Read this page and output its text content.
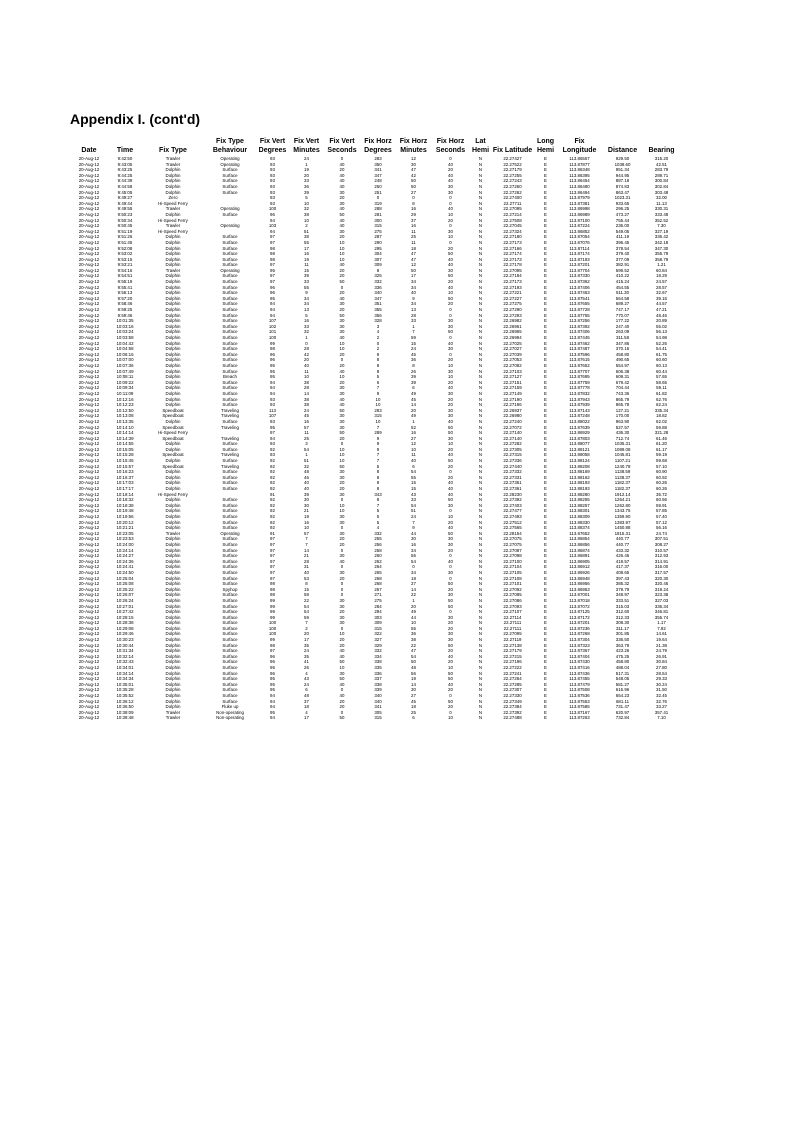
Appendix I. (cont'd)
Date	Time	Fix Type	Fix Type Behaviour	Fix Vert Degrees	Fix Vert Minutes	Fix Vert Seconds	Fix Horz Degrees	Fix Horz Minutes	Fix Horz Seconds	Lat Hemi	Fix Latitude	Long Hemi	Fix Longitude	Distance	Bearing
20-Aug-12	9:42:50	Trawler	Operating	93	24	0	283	12	0	N	22.27427	E	113.86557	929.50	315.20
20-Aug-12	9:43:05	Trawler	Operating	93	1	40	350	30	40	N	22.27522	E	113.87877	1038.60	42.51
20-Aug-12	9:43:25	Dolphin	Surface	93	19	20	341	47	20	N	22.27179	E	113.86348	951.34	283.79
20-Aug-12	9:44:25	Dolphin	Surface	93	20	40	347	42	40	N	22.27255	E	113.86395	944.95	289.71
20-Aug-12	9:44:39	Dolphin	Surface	93	33	40	248	50	40	N	22.27243	E	113.86454	887.18	300.84
20-Aug-12	9:44:58	Dolphin	Surface	93	36	40	250	50	30	N	22.27260	E	113.86480	874.83	302.84
20-Aug-12	9:45:05	Dolphin	Surface	93	39	30	251	27	30	N	22.27262	E	113.86494	863.47	303.48
20-Aug-12	9:49:27	Zero		93	5	20	0	0	0	N	22.27400	E	113.87979	1023.31	32.00
20-Aug-12	9:49:44	Hi-Speed Ferry		93	10	30	319	8	0	N	22.27711	E	113.87381	933.65	11.13
20-Aug-12	9:49:55	Trawler	Operating	100	32	40	288	16	40	N	22.27095	E	113.86998	296.25	330.31
20-Aug-12	9:50:23	Dolphin	Surface	96	38	50	281	29	10	N	22.27214	E	113.86989	473.27	333.48
20-Aug-12	9:50:34	Hi-Speed Ferry		94	10	40	300	37	20	N	22.27508	E	113.87100	755.44	352.52
20-Aug-12	9:50:45	Trawler	Operating	103	2	40	315	16	0	N	22.27045	E	113.87224	236.00	7.30
20-Aug-12	9:51:19	Hi-Speed Ferry		94	51	30	275	11	30	N	22.27324	E	113.86852	549.05	327.19
20-Aug-12	9:51:26	Dolphin	Surface	97	38	20	287	25	10	N	22.27180	E	113.87054	411.19	336.42
20-Aug-12	9:51:45	Dolphin	Surface	97	55	10	290	11	0	N	22.27173	E	113.87076	396.45	342.18
20-Aug-12	9:52:08	Dolphin	Surface	98	17	10	295	18	20	N	22.27166	E	113.87114	378.54	347.30
20-Aug-12	9:53:02	Dolphin	Surface	98	16	10	304	47	50	N	22.27174	E	113.87174	379.40	355.79
20-Aug-12	9:53:15	Dolphin	Surface	98	19	10	307	47	40	N	22.27173	E	113.87193	377.09	358.79
20-Aug-12	9:53:21	Dolphin	Surface	97	11	40	309	12	40	N	22.27178	E	113.87201	382.91	1.21
20-Aug-12	9:54:16	Trawler	Operating	95	15	20	8	50	30	N	22.27095	E	113.87704	599.52	60.84
20-Aug-12	9:54:51	Dolphin	Surface	97	39	20	325	17	50	N	22.27184	E	113.87330	410.22	18.29
20-Aug-12	9:55:19	Dolphin	Surface	97	33	50	332	34	20	N	22.27173	E	113.87362	415.24	24.57
20-Aug-12	9:55:41	Dolphin	Surface	96	55	0	336	34	40	N	22.27193	E	113.87406	454.55	28.57
20-Aug-12	9:56:13	Dolphin	Surface	96	9	20	340	40	10	N	22.27221	E	113.87463	511.30	32.67
20-Aug-12	9:57:20	Dolphin	Surface	95	34	40	347	9	50	N	22.27227	E	113.87541	564.58	39.15
20-Aug-12	9:58:46	Dolphin	Surface	94	34	30	351	34	20	N	22.27275	E	113.87655	689.27	44.57
20-Aug-12	9:59:25	Dolphin	Surface	94	13	20	355	13	0	N	22.27290	E	113.87728	747.17	47.21
20-Aug-12	9:59:46	Dolphin	Surface	94	5	50	356	28	0	N	22.27293	E	113.87755	770.07	48.46
20-Aug-12	10:01:35	Dolphin	Surface	107	16	30	328	33	30	N	22.26982	E	113.87256	177.22	20.89
20-Aug-12	10:03:16	Dolphin	Surface	102	33	30	3	1	30	N	22.26961	E	113.87392	247.40	55.02
20-Aug-12	10:03:24	Dolphin	Surface	101	32	30	4	7	50	N	22.26965	E	113.87406	263.09	56.13
20-Aug-12	10:03:58	Dolphin	Surface	100	1	40	2	59	0	N	22.26994	E	113.87445	311.58	54.98
20-Aug-12	10:04:42	Dolphin	Surface	99	0	10	0	15	40	N	22.27025	E	113.87462	347.86	52.26
20-Aug-12	10:04:58	Dolphin	Surface	98	28	10	2	24	30	N	22.27027	E	113.87487	370.15	54.41
20-Aug-12	10:06:16	Dolphin	Surface	96	42	20	9	45	0	N	22.27039	E	113.87596	458.80	61.75
20-Aug-12	10:07:00	Dolphin	Surface	96	20	0	8	36	20	N	22.27053	E	113.87615	490.65	60.60
20-Aug-12	10:07:36	Dolphin	Surface	95	40	20	8	8	10	N	22.27082	E	113.87652	554.97	60.13
20-Aug-12	10:07:49	Dolphin	Surface	95	11	40	8	26	30	N	22.27103	E	113.87707	606.38	60.44
20-Aug-12	10:08:11	Dolphin	Breach	95	10	10	5	39	10	N	22.27127	E	113.87695	609.31	57.65
20-Aug-12	10:09:22	Dolphin	Surface	94	38	20	6	39	20	N	22.27151	E	113.87759	679.42	58.65
20-Aug-12	10:09:34	Dolphin	Surface	94	28	30	7	6	40	N	22.27159	E	113.87778	704.44	59.11
20-Aug-12	10:11:09	Dolphin	Surface	94	14	30	9	49	30	N	22.27149	E	113.87832	743.36	61.82
20-Aug-12	10:12:16	Dolphin	Surface	93	38	40	10	45	20	N	22.27190	E	113.87943	865.79	62.76
20-Aug-12	10:12:23	Dolphin	Surface	93	38	40	10	14	20	N	22.27196	E	113.87939	865.78	62.24
20-Aug-12	10:12:50	Speedboat	Traveling	113	24	50	283	20	30	N	22.26937	E	113.87143	127.21	335.34
20-Aug-12	10:13:08	Speedboat	Traveling	107	45	30	315	49	30	N	22.26980	E	113.87248	170.00	18.82
20-Aug-12	10:13:35	Dolphin	Surface	93	16	30	10	1	40	N	22.27240	E	113.88022	963.90	62.02
20-Aug-12	10:14:10	Speedboat	Traveling	95	57	30	7	52	50	N	22.27072	E	113.87639	527.57	59.88
20-Aug-12	10:14:14	Hi-Speed Ferry		97	11	50	289	16	50	N	22.27140	E	113.86929	436.30	321.28
20-Aug-12	10:14:39	Speedboat	Traveling	94	25	20	9	27	30	N	22.27140	E	113.87803	712.74	61.46
20-Aug-12	10:14:55	Dolphin	Surface	93	3	0	9	12	10	N	22.27282	E	113.88077	1035.31	61.20
20-Aug-12	10:15:05	Dolphin	Surface	92	54	10	9	10	20	N	22.27305	E	113.88121	1089.08	61.17
20-Aug-12	10:15:28	Speedboat	Traveling	93	1	10	7	11	40	N	22.27315	E	113.88058	1045.81	59.19
20-Aug-12	10:15:45	Dolphin	Surface	92	51	10	7	40	50	N	22.27336	E	113.88124	1107.21	59.68
20-Aug-12	10:15:57	Speedboat	Traveling	92	32	50	5	6	20	N	22.27440	E	113.88208	1240.78	57.10
20-Aug-12	10:16:23	Dolphin	Surface	92	48	30	8	54	0	N	22.27332	E	113.88169	1138.59	60.90
20-Aug-12	10:16:37	Dolphin	Surface	92	46	30	8	55	20	N	22.27331	E	113.88162	1138.37	60.92
20-Aug-12	10:17:03	Dolphin	Surface	92	40	20	8	15	40	N	22.27361	E	113.88193	1182.37	60.26
20-Aug-12	10:17:17	Dolphin	Surface	92	40	20	8	15	40	N	22.27361	E	113.88193	1182.37	60.26
20-Aug-12	10:18:14	Hi-Speed Ferry		91	39	30	343	43	40	N	22.28230	E	113.88280	1912.14	35.72
20-Aug-12	10:18:32	Dolphin	Surface	92	30	0	8	33	50	N	22.27392	E	113.88255	1264.21	60.56
20-Aug-12	10:18:38	Dolphin	Surface	92	30	10	7	54	30	N	22.27403	E	113.88257	1262.80	59.91
20-Aug-12	10:19:48	Dolphin	Surface	92	21	10	5	51	0	N	22.27477	E	113.88301	1343.75	57.85
20-Aug-12	10:19:56	Dolphin	Surface	92	19	30	5	24	10	N	22.27493	E	113.88309	1359.90	57.40
20-Aug-12	10:20:12	Dolphin	Surface	92	16	30	5	7	20	N	22.27512	E	113.88330	1383.97	57.12
20-Aug-12	10:21:21	Dolphin	Surface	92	10	0	4	9	40	N	22.27565	E	113.88374	1450.88	56.16
20-Aug-12	10:23:05	Trawler	Operating	91	57	30	332	44	50	N	22.28154	E	113.87652	1815.31	24.74
20-Aug-12	10:23:53	Dolphin	Surface	97	7	20	255	30	30	N	22.27075	E	113.86854	440.77	307.51
20-Aug-12	10:24:00	Dolphin	Surface	97	7	20	256	16	30	N	22.27075	E	113.86856	440.77	308.27
20-Aug-12	10:24:14	Dolphin	Surface	97	14	0	258	34	20	N	22.27087	E	113.86874	433.32	310.57
20-Aug-12	10:24:27	Dolphin	Surface	97	21	30	260	56	0	N	22.27098	E	113.86891	426.46	312.93
20-Aug-12	10:24:36	Dolphin	Surface	97	28	40	262	54	40	N	22.27100	E	113.86905	419.57	314.91
20-Aug-12	10:24:41	Dolphin	Surface	97	31	0	264	0	0	N	22.27104	E	113.86912	417.37	316.00
20-Aug-12	10:24:50	Dolphin	Surface	97	40	30	265	34	30	N	22.27105	E	113.86926	408.65	317.57
20-Aug-12	10:25:04	Dolphin	Surface	97	53	20	268	18	0	N	22.27108	E	113.86948	397.43	320.30
20-Aug-12	10:25:08	Dolphin	Surface	98	8	0	268	27	50	N	22.27101	E	113.86956	385.32	320.46
20-Aug-12	10:25:22	Dolphin	Spyhop	98	15	0	267	14	20	N	22.27092	E	113.86953	379.79	319.24
20-Aug-12	10:26:07	Dolphin	Surface	98	58	0	271	22	30	N	22.27085	E	113.87001	348.97	323.38
20-Aug-12	10:26:24	Dolphin	Surface	99	22	30	275	1	50	N	22.27086	E	113.87018	333.51	327.03
20-Aug-12	10:27:01	Dolphin	Surface	99	54	30	284	20	50	N	22.27093	E	113.87072	315.03	336.34
20-Aug-12	10:27:42	Dolphin	Surface	99	54	20	294	49	0	N	22.27107	E	113.87125	312.60	346.81
20-Aug-12	10:28:15	Dolphin	Surface	99	59	30	303	44	30	N	22.27114	E	113.87172	312.33	355.74
20-Aug-12	10:28:38	Dolphin	Surface	100	7	30	309	10	20	N	22.27111	E	113.87201	308.30	1.17
20-Aug-12	10:29:08	Dolphin	Surface	100	2	0	315	55	20	N	22.27111	E	113.87236	311.17	7.92
20-Aug-12	10:29:46	Dolphin	Surface	100	20	10	322	36	30	N	22.27095	E	113.87268	301.85	14.61
20-Aug-12	10:30:23	Dolphin	Surface	99	17	20	327	38	30	N	22.27119	E	113.87304	336.50	19.64
20-Aug-12	10:30:44	Dolphin	Surface	98	35	20	329	22	50	N	22.27138	E	113.87323	363.79	21.38
20-Aug-12	10:31:34	Dolphin	Surface	97	24	40	332	47	20	N	22.27179	E	113.87367	423.26	24.79
20-Aug-12	10:32:14	Dolphin	Surface	96	35	40	334	54	40	N	22.27215	E	113.87404	475.25	26.91
20-Aug-12	10:32:43	Dolphin	Surface	96	41	50	338	50	20	N	22.27196	E	113.87430	458.80	30.84
20-Aug-12	10:34:01	Dolphin	Surface	95	26	10	335	48	10	N	22.27222	E	113.87416	488.04	27.80
20-Aug-12	10:34:14	Dolphin	Surface	96	4	30	336	56	50	N	22.27241	E	113.87436	517.31	28.54
20-Aug-12	10:34:34	Dolphin	Surface	95	43	50	337	19	50	N	22.27264	E	113.87455	548.05	29.33
20-Aug-12	10:35:01	Dolphin	Surface	95	24	40	338	14	40	N	22.27285	E	113.87479	581.27	30.24
20-Aug-12	10:35:28	Dolphin	Surface	95	6	0	339	30	20	N	22.27307	E	113.87508	616.96	31.50
20-Aug-12	10:35:52	Dolphin	Surface	94	48	40	340	27	0	N	22.27330	E	113.87536	654.23	32.45
20-Aug-12	10:36:12	Dolphin	Surface	94	37	20	340	45	50	N	22.27349	E	113.87553	681.11	32.76
20-Aug-12	10:36:50	Dolphin	Fluke up	94	18	20	341	18	20	N	22.27384	E	113.87585	731.47	33.27
20-Aug-12	10:38:09	Trawler	Non-operating	95	4	0	305	25	0	N	22.27392	E	113.87167	620.97	357.41
20-Aug-12	10:38:48	Trawler	Non-operating	94	17	50	315	6	10	N	22.27488	E	113.87263	732.84	7.10
